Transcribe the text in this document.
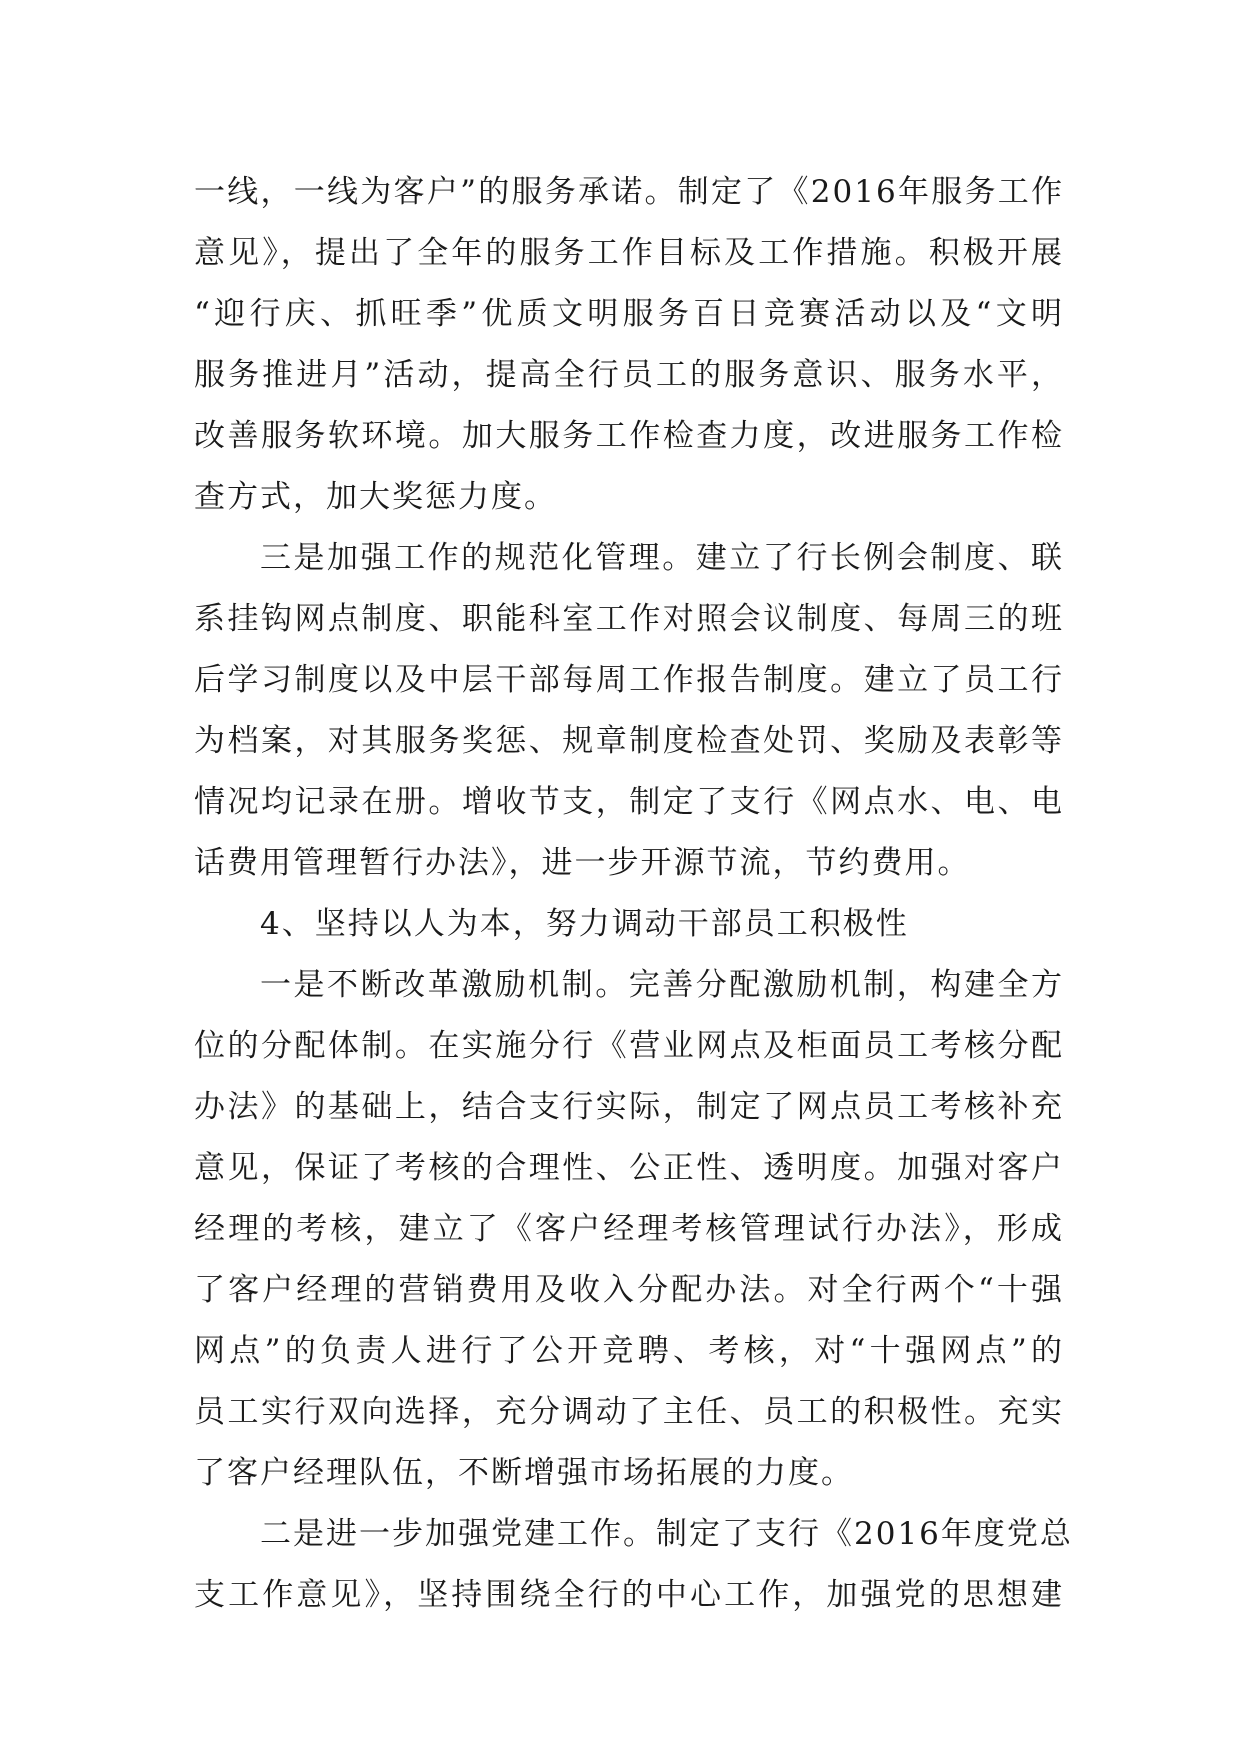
一线，一线为客户”的服务承诺。制定了《2016年服务工作
意见》，提出了全年的服务工作目标及工作措施。积极开展
“迎行庆、抓旺季”优质文明服务百日竞赛活动以及“文明
服务推进月”活动，提高全行员工的服务意识、服务水平，
改善服务软环境。加大服务工作检查力度，改进服务工作检
查方式，加大奖惩力度。
三是加强工作的规范化管理。建立了行长例会制度、联
系挂钩网点制度、职能科室工作对照会议制度、每周三的班
后学习制度以及中层干部每周工作报告制度。建立了员工行
为档案，对其服务奖惩、规章制度检查处罚、奖励及表彰等
情况均记录在册。增收节支，制定了支行《网点水、电、电
话费用管理暂行办法》，进一步开源节流，节约费用。
4、坚持以人为本，努力调动干部员工积极性
一是不断改革激励机制。完善分配激励机制，构建全方
位的分配体制。在实施分行《营业网点及柜面员工考核分配
办法》的基础上，结合支行实际，制定了网点员工考核补充
意见，保证了考核的合理性、公正性、透明度。加强对客户
经理的考核，建立了《客户经理考核管理试行办法》，形成
了客户经理的营销费用及收入分配办法。对全行两个“十强
网点”的负责人进行了公开竞聘、考核，对“十强网点”的
员工实行双向选择，充分调动了主任、员工的积极性。充实
了客户经理队伍，不断增强市场拓展的力度。
二是进一步加强党建工作。制定了支行《2016年度党总
支工作意见》，坚持围绕全行的中心工作，加强党的思想建
